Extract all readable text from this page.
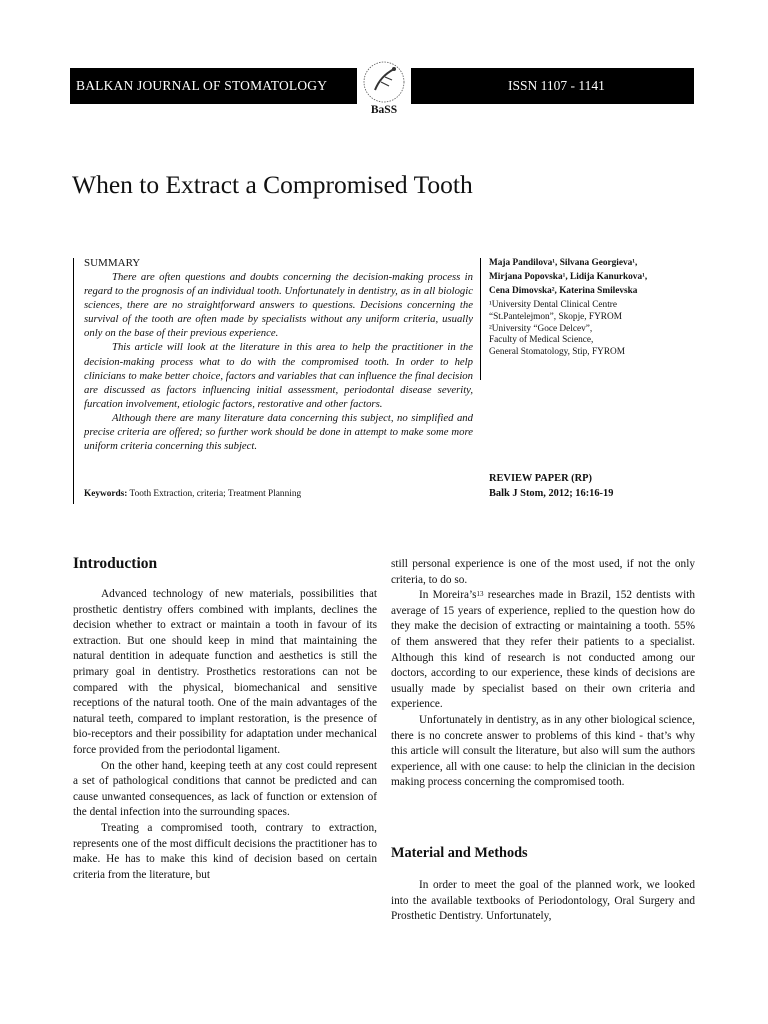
BALKAN JOURNAL OF STOMATOLOGY	ISSN 1107 - 1141
BaSS
When to Extract a Compromised Tooth
SUMMARY

There are often questions and doubts concerning the decision-making process in regard to the prognosis of an individual tooth. Unfortunately in dentistry, as in all biologic sciences, there are no straightforward answers to questions. Decisions concerning the survival of the tooth are often made by specialists without any uniform criteria, usually only on the base of their previous experience.

This article will look at the literature in this area to help the practitioner in the decision-making process what to do with the compromised tooth. In order to help clinicians to make better choice, factors and variables that can influence the final decision are discussed as factors influencing initial assessment, periodontal disease severity, furcation involvement, etiologic factors, restorative and other factors.

Although there are many literature data concerning this subject, no simplified and precise criteria are offered; so further work should be done in attempt to make some more uniform criteria concerning this subject.

Keywords: Tooth Extraction, criteria; Treatment Planning
Maja Pandilova¹, Silvana Georgieva¹,
Mirjana Popovska¹, Lidija Kanurkova¹,
Cena Dimovska², Katerina Smilevska
¹University Dental Clinical Centre
“St.Pantelejmon”, Skopje, FYROM
²University “Goce Delcev”,
Faculty of Medical Science,
General Stomatology, Stip, FYROM
REVIEW PAPER (RP)
Balk J Stom, 2012; 16:16-19
Introduction

Advanced technology of new materials, possibilities that prosthetic dentistry offers combined with implants, declines the decision whether to extract or maintain a tooth in favour of its extraction. But one should keep in mind that maintaining the natural dentition in adequate function and aesthetics is still the primary goal in dentistry. Prosthetics restorations can not be compared with the physical, biomechanical and sensitive receptions of the natural tooth. One of the main advantages of the natural teeth, compared to implant restoration, is the presence of bio-receptors and their possibility for adaptation under mechanical force provided from the periodontal ligament.

On the other hand, keeping teeth at any cost could represent a set of pathological conditions that cannot be predicted and can cause unwanted consequences, as lack of function or extension of the dental infection into the surrounding spaces.

Treating a compromised tooth, contrary to extraction, represents one of the most difficult decisions the practitioner has to make. He has to make this kind of decision based on certain criteria from the literature, but

still personal experience is one of the most used, if not the only criteria, to do so.

In $Moreira’s^{13}$ researches made in Brazil, 152 dentists with average of 15 years of experience, replied to the question how do they make the decision of extracting or maintaining a tooth. 55% of them answered that they refer their patients to a specialist. Although this kind of research is not conducted among our doctors, according to our experience, these kinds of decisions are usually made by specialist based on their own criteria and experience.

Unfortunately in dentistry, as in any other biological science, there is no concrete answer to problems of this kind - that’s why this article will consult the literature, but also will sum the authors experience, all with one cause: to help the clinician in the decision making process concerning the compromised tooth.

Material and Methods

In order to meet the goal of the planned work, we looked into the available textbooks of Periodontology, Oral Surgery and Prosthetic Dentistry. Unfortunately,
